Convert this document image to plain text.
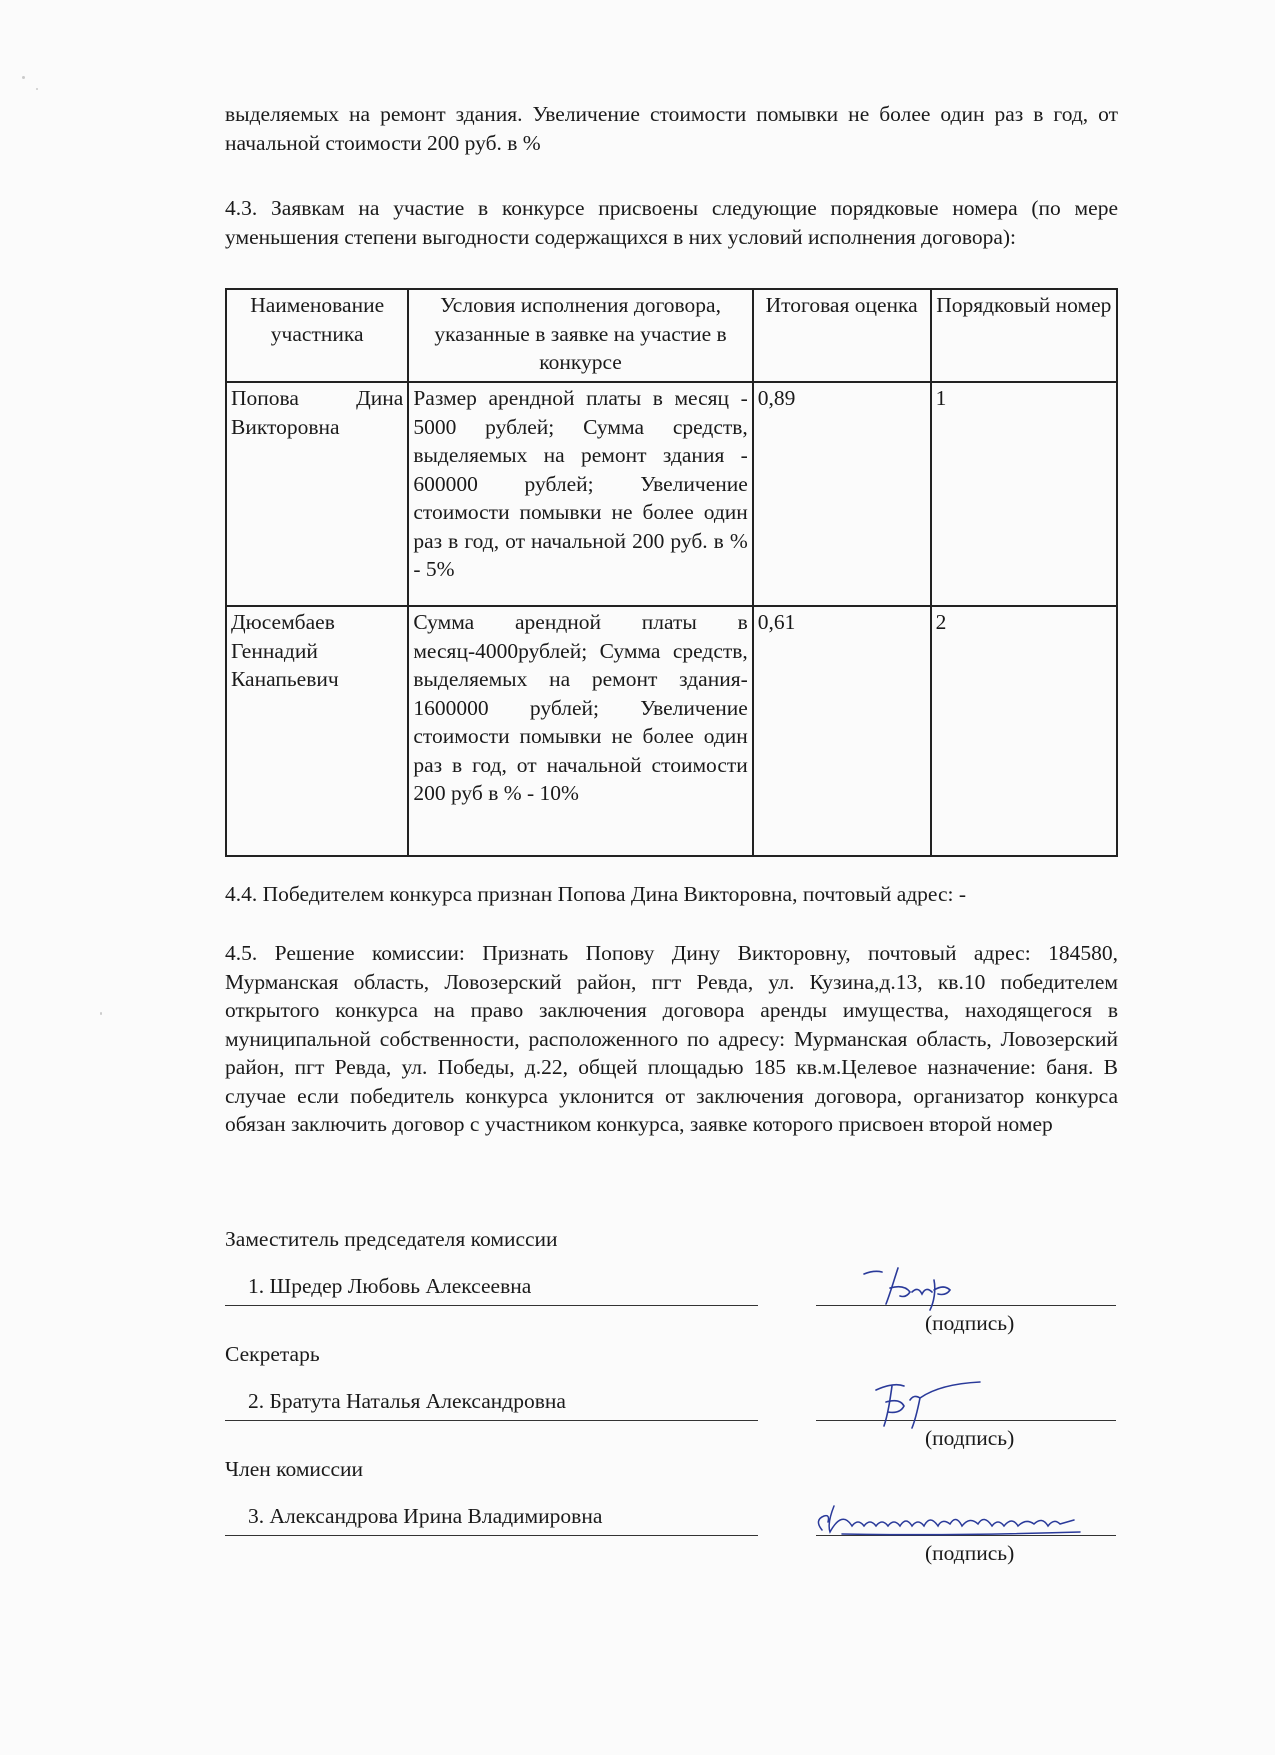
выделяемых на ремонт здания. Увеличение стоимости помывки не более один раз в год, от начальной стоимости 200 руб. в %

4.3. Заявкам на участие в конкурсе присвоены следующие порядковые номера (по мере уменьшения степени выгодности содержащихся в них условий исполнения договора):

Наименование участника	Условия исполнения договора, указанные в заявке на участие в конкурсе	Итоговая оценка	Порядковый номер
Попова Дина Викторовна	Размер арендной платы в месяц - 5000 рублей; Сумма средств, выделяемых на ремонт здания - 600000 рублей; Увеличение стоимости помывки не более один раз в год, от начальной 200 руб. в % - 5%	0,89	1
Дюсембаев Геннадий Канапьевич	Сумма арендной платы в месяц-4000рублей; Сумма средств, выделяемых на ремонт здания- 1600000 рублей; Увеличение стоимости помывки не более один раз в год, от начальной стоимости 200 руб в % - 10%	0,61	2

4.4. Победителем конкурса признан Попова Дина Викторовна, почтовый адрес: -

4.5. Решение комиссии: Признать Попову Дину Викторовну, почтовый адрес: 184580, Мурманская область, Ловозерский район, пгт Ревда, ул. Кузина,д.13, кв.10 победителем открытого конкурса на право заключения договора аренды имущества, находящегося в муниципальной собственности, расположенного по адресу: Мурманская область, Ловозерский район, пгт Ревда, ул. Победы, д.22, общей площадью 185 кв.м.Целевое назначение: баня. В случае если победитель конкурса уклонится от заключения договора, организатор конкурса обязан заключить договор с участником конкурса, заявке которого присвоен второй номер

Заместитель председателя комиссии
1. Шредер Любовь Алексеевна
(подпись)
Секретарь
2. Братута Наталья Александровна
(подпись)
Член комиссии
3. Александрова Ирина Владимировна
(подпись)
